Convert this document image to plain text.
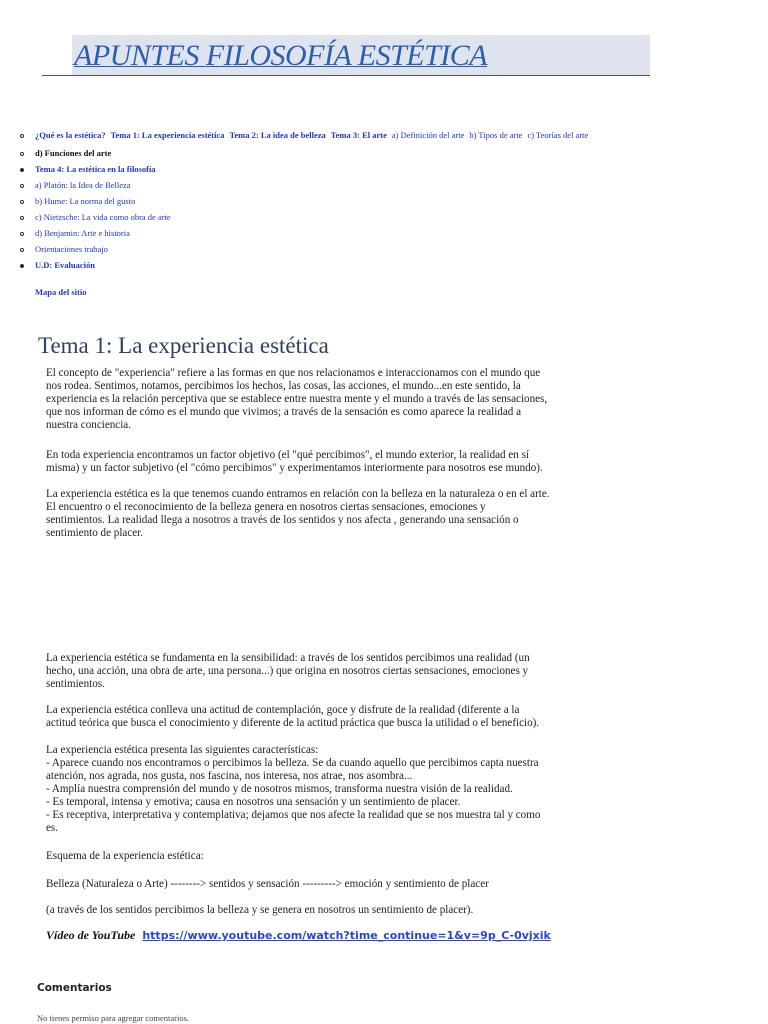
APUNTES FILOSOFÍA ESTÉTICA
¿Qué es la estética? Tema 1: La experiencia estética Tema 2: La idea de belleza Tema 3: El arte a) Definición del arte b) Tipos de arte c) Teorías del arte
d) Funciones del arte
Tema 4: La estética en la filosofía
a) Platón: la Idea de Belleza
b) Hume: La norma del gusto
c) Nietzsche: La vida como obra de arte
d) Benjamin: Arte e historia
Orientaciones trabajo
U.D: Evaluación
Mapa del sitio
Tema 1: La experiencia estética
El concepto de "experiencia" refiere a las formas en que nos relacionamos e interaccionamos con el mundo que
nos rodea. Sentimos, notamos, percibimos los hechos, las cosas, las acciones, el mundo...en este sentido, la
experiencia es la relación perceptiva que se establece entre nuestra mente y el mundo a través de las sensaciones,
que nos informan de cómo es el mundo que vivimos; a través de la sensación es como aparece la realidad a
nuestra conciencia.
En toda experiencia encontramos un factor objetivo (el "qué percibimos", el mundo exterior, la realidad en sí
misma) y un factor subjetivo (el "cómo percibimos" y experimentamos interiormente para nosotros ese mundo).
La experiencia estética es la que tenemos cuando entramos en relación con la belleza en la naturaleza o en el arte.
El encuentro o el reconocimiento de la belleza genera en nosotros ciertas sensaciones, emociones y
sentimientos. La realidad llega a nosotros a través de los sentidos y nos afecta , generando una sensación o
sentimiento de placer.
La experiencia estética se fundamenta en la sensibilidad: a través de los sentidos percibimos una realidad (un
hecho, una acción, una obra de arte, una persona...) que origina en nosotros ciertas sensaciones, emociones y
sentimientos.
La experiencia estética conlleva una actitud de contemplación, goce y disfrute de la realidad (diferente a la
actitud teórica que busca el conocimiento y diferente de la actitud práctica que busca la utilidad o el beneficio).
La experiencia estética presenta las siguientes características:
- Aparece cuando nos encontramos o percibimos la belleza. Se da cuando aquello que percibimos capta nuestra
atención, nos agrada, nos gusta, nos fascina, nos interesa, nos atrae, nos asombra...
- Amplía nuestra comprensión del mundo y de nosotros mismos, transforma nuestra visión de la realidad.
- Es temporal, intensa y emotiva; causa en nosotros una sensación y un sentimiento de placer.
- Es receptiva, interpretativa y contemplativa; dejamos que nos afecte la realidad que se nos muestra tal y como
es.
Esquema de la experiencia estética:
Belleza (Naturaleza o Arte) --------> sentidos y sensación ---------> emoción y sentimiento de placer
(a través de los sentidos percibimos la belleza y se genera en nosotros un sentimiento de placer).
Vídeo de YouTube https://www.youtube.com/watch?time_continue=1&v=9p_C-0vjxik
Comentarios
No tienes permiso para agregar comentarios.
